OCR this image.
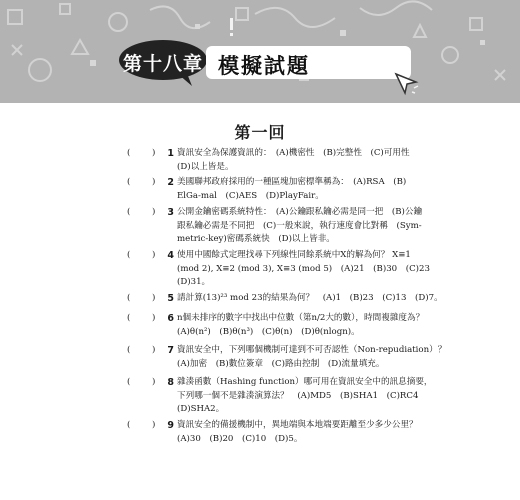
第十八章 模擬試題
第一回
(	)	1 資訊安全為保護資訊的：　(A)機密性　(B)完整性　(C)可用性
(D)以上皆是。
(	)	2 美國聯邦政府採用的一種區塊加密標準稱為：　(A)RSA　(B)
ElGa-mal　(C)AES　(D)PlayFair。
(	)	3 公開金鑰密碼系統特性：　(A)公鑰跟私鑰必需是同一把　(B)公鑰
跟私鑰必需是不同把　(C)一般來說，執行速度會比對稱　(Sym-
metric-key)密碼系統快　(D)以上皆非。
(	)	4 使用中國餘式定理找尋下列線性同餘系統中X的解為何？ X≡1
(mod 2), X≡2 (mod 3), X≡3 (mod 5)　(A)21　(B)30　(C)23
(D)31。
(	)	5 請計算(13)²³ mod 23的結果為何？　(A)1　(B)23　(C)13　(D)7。
(	)	6 n個未排序的數字中找出中位數（第n/2大的數），時間複雜度為？
(A)θ(n²)　(B)θ(n³)　(C)θ(n)　(D)θ(nlogn)。
(	)	7 資訊安全中，下列哪個機制可達到不可否認性（Non-repudiation）？
(A)加密　(B)數位簽章　(C)路由控制　(D)流量填充。
(	)	8 雜湊函數（Hashing function）哪可用在資訊安全中的訊息摘要，
下列哪一個不是雜湊演算法？　(A)MD5　(B)SHA1　(C)RC4
(D)SHA2。
(	)	9 資訊安全的備援機制中，異地端與本地端要距離至少多少公里？
(A)30　(B)20　(C)10　(D)5。
